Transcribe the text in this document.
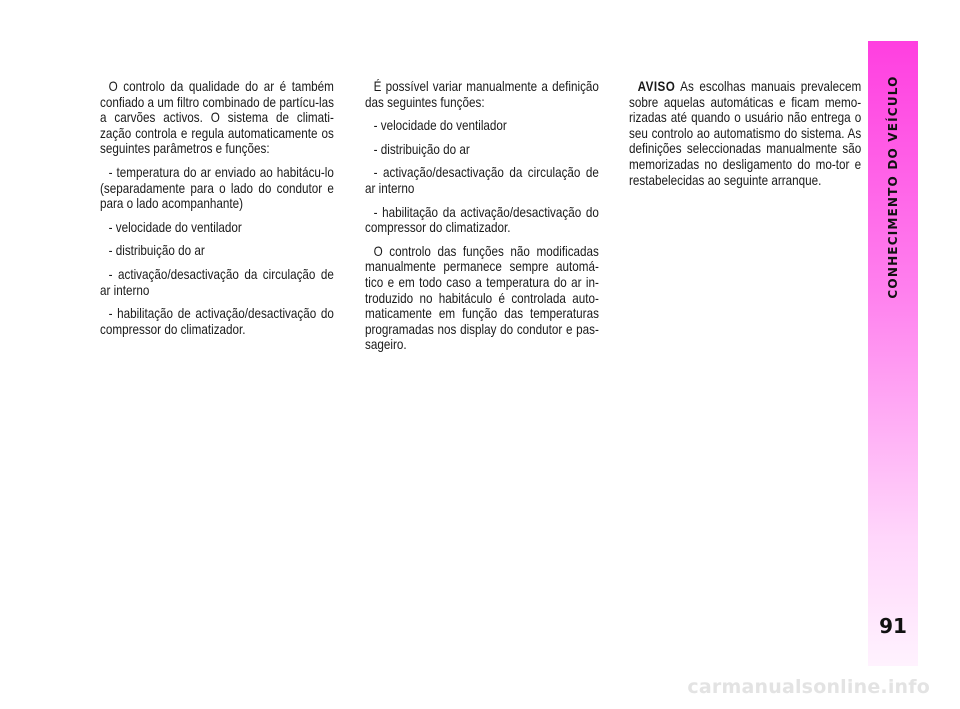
O controlo da qualidade do ar é também confiado a um filtro combinado de partícu-las a carvões activos. O sistema de climati-zação controla e regula automaticamente os seguintes parâmetros e funções:

- temperatura do ar enviado ao habitácu-lo (separadamente para o lado do condutor e para o lado acompanhante)

- velocidade do ventilador

- distribuição do ar

- activação/desactivação da circulação de ar interno

- habilitação de activação/desactivação do compressor do climatizador.

É possível variar manualmente a definição das seguintes funções:

- velocidade do ventilador

- distribuição do ar

- activação/desactivação da circulação de ar interno

- habilitação da activação/desactivação do compressor do climatizador.

O controlo das funções não modificadas manualmente permanece sempre automá-tico e em todo caso a temperatura do ar in-troduzido no habitáculo é controlada auto-maticamente em função das temperaturas programadas nos display do condutor e pas-sageiro.

AVISO As escolhas manuais prevalecem sobre aquelas automáticas e ficam memo-rizadas até quando o usuário não entrega o seu controlo ao automatismo do sistema. As definições seleccionadas manualmente são memorizadas no desligamento do mo-tor e restabelecidas ao seguinte arranque.	CONHECIMENTO DO VEÍCULO
91
carmanualsonline.info
